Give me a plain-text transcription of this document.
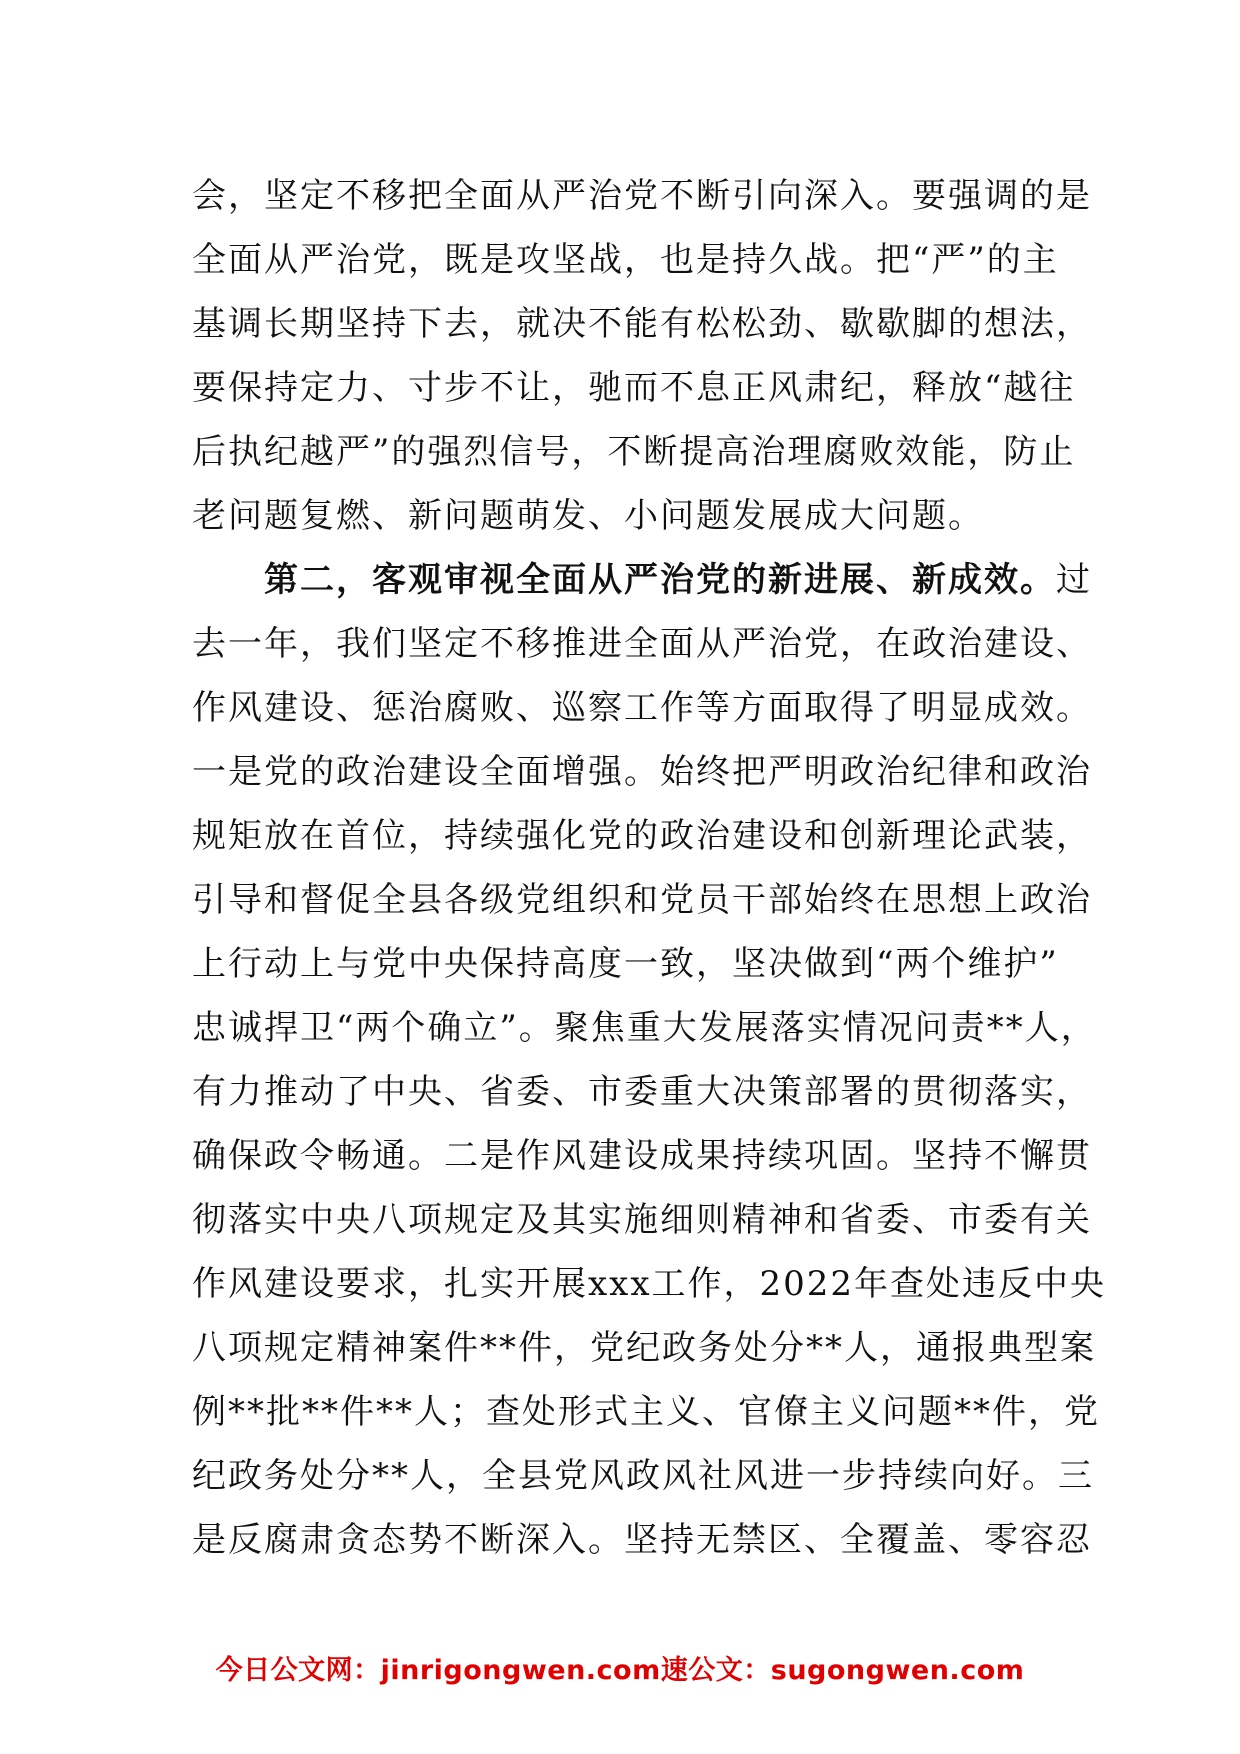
会，坚定不移把全面从严治党不断引向深入。要强调的是
全面从严治党，既是攻坚战，也是持久战。把“严”的主
基调长期坚持下去，就决不能有松松劲、歇歇脚的想法，
要保持定力、寸步不让，驰而不息正风肃纪，释放“越往
后执纪越严”的强烈信号，不断提高治理腐败效能，防止
老问题复燃、新问题萌发、小问题发展成大问题。
　　第二，客观审视全面从严治党的新进展、新成效。过
去一年，我们坚定不移推进全面从严治党，在政治建设、
作风建设、惩治腐败、巡察工作等方面取得了明显成效。
一是党的政治建设全面增强。始终把严明政治纪律和政治
规矩放在首位，持续强化党的政治建设和创新理论武装，
引导和督促全县各级党组织和党员干部始终在思想上政治
上行动上与党中央保持高度一致，坚决做到“两个维护”
忠诚捍卫“两个确立”。聚焦重大发展落实情况问责**人，
有力推动了中央、省委、市委重大决策部署的贯彻落实，
确保政令畅通。二是作风建设成果持续巩固。坚持不懈贯
彻落实中央八项规定及其实施细则精神和省委、市委有关
作风建设要求，扎实开展xxx工作，2022年查处违反中央
八项规定精神案件**件，党纪政务处分**人，通报典型案
例**批**件**人；查处形式主义、官僚主义问题**件，党
纪政务处分**人，全县党风政风社风进一步持续向好。三
是反腐肃贪态势不断深入。坚持无禁区、全覆盖、零容忍
今日公文网：jinrigongwen.com速公文：sugongwen.com
